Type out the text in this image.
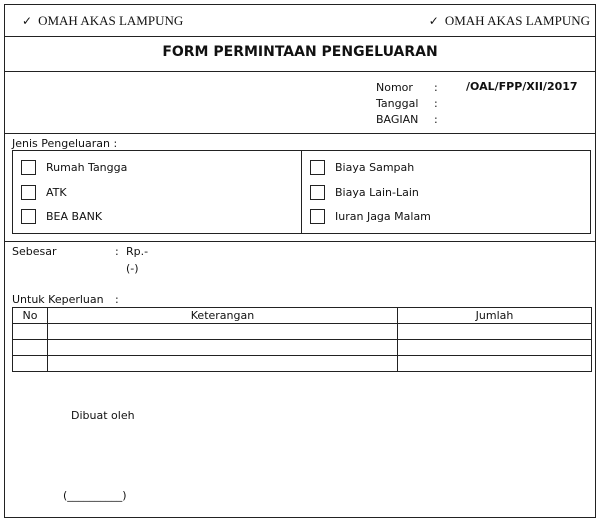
✓ OMAH AKAS LAMPUNG	✓ OMAH AKAS LAMPUNG
FORM PERMINTAAN PENGELUARAN
Nomor :	/OAL/FPP/XII/2017
Tanggal :
BAGIAN :
Jenis Pengeluaran :
Rumah Tangga
ATK
BEA BANK
Biaya Sampah
Biaya Lain-Lain
Iuran Jaga Malam
Sebesar	: Rp.-
(-)
Untuk Keperluan :
No	Keterangan	Jumlah

Dibuat oleh
(__________)
